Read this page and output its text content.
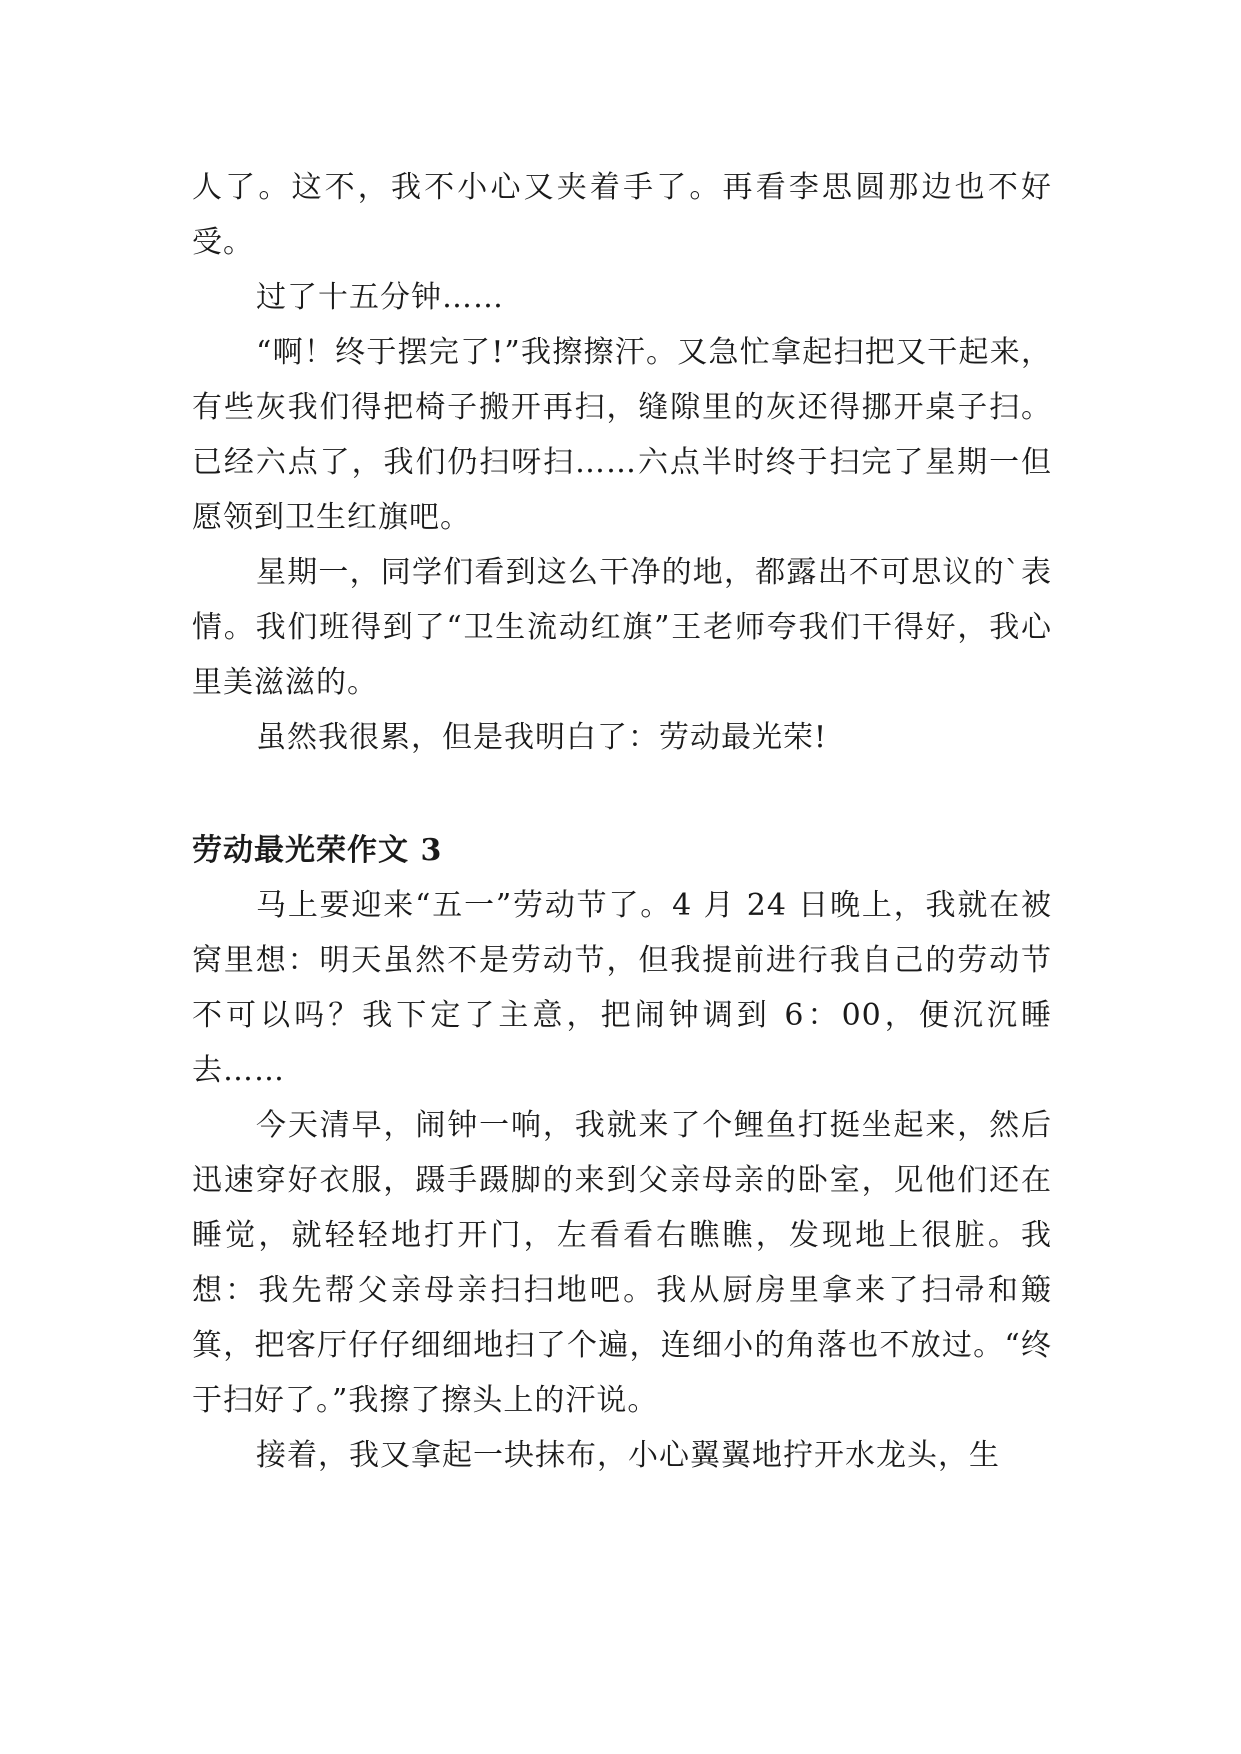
人了。这不，我不小心又夹着手了。再看李思圆那边也不好受。

过了十五分钟……

“啊！终于摆完了!”我擦擦汗。又急忙拿起扫把又干起来，有些灰我们得把椅子搬开再扫，缝隙里的灰还得挪开桌子扫。已经六点了，我们仍扫呀扫……六点半时终于扫完了星期一但愿领到卫生红旗吧。

星期一，同学们看到这么干净的地，都露出不可思议的`表情。我们班得到了“卫生流动红旗”王老师夸我们干得好，我心里美滋滋的。

虽然我很累，但是我明白了：劳动最光荣!

劳动最光荣作文 3

马上要迎来“五一”劳动节了。4 月 24 日晚上，我就在被窝里想：明天虽然不是劳动节，但我提前进行我自己的劳动节不可以吗？我下定了主意，把闹钟调到 6：00，便沉沉睡去……

今天清早，闹钟一响，我就来了个鲤鱼打挺坐起来，然后迅速穿好衣服，蹑手蹑脚的来到父亲母亲的卧室，见他们还在睡觉，就轻轻地打开门，左看看右瞧瞧，发现地上很脏。我想：我先帮父亲母亲扫扫地吧。我从厨房里拿来了扫帚和簸箕，把客厅仔仔细细地扫了个遍，连细小的角落也不放过。“终于扫好了。”我擦了擦头上的汗说。

接着，我又拿起一块抹布，小心翼翼地拧开水龙头，生
